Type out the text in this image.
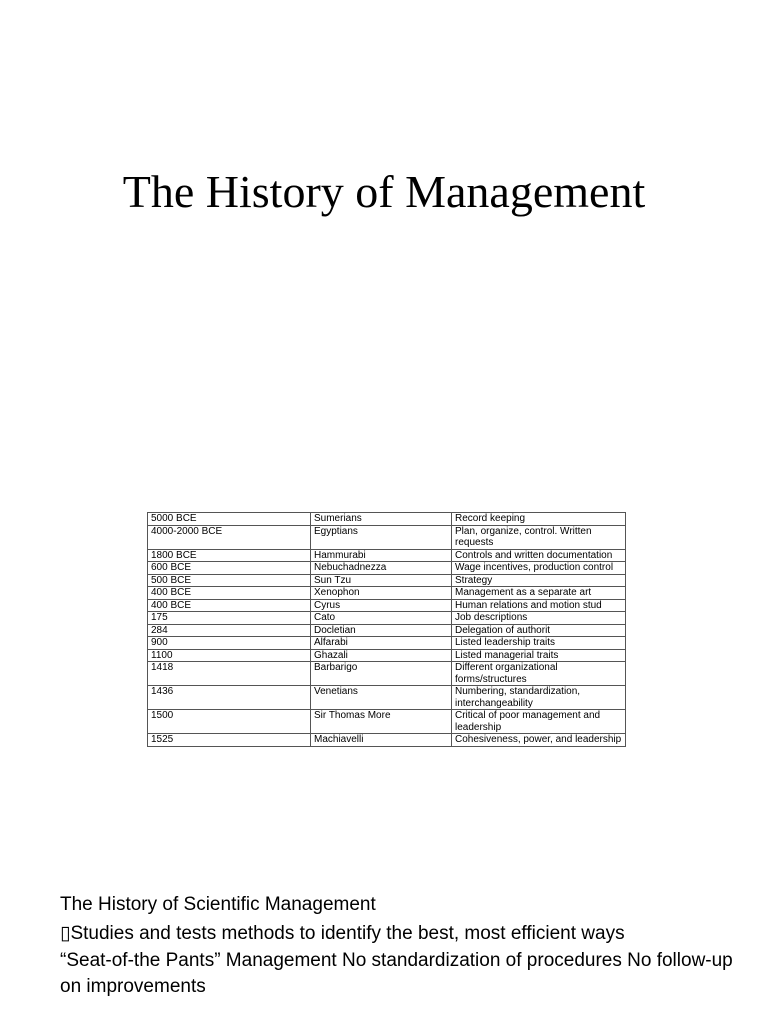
The History of Management
5000 BCE	Sumerians	Record keeping
4000-2000 BCE	Egyptians	Plan, organize, control. Written requests
1800 BCE	Hammurabi	Controls and written documentation
600 BCE	Nebuchadnezza	Wage incentives, production control
500 BCE	Sun Tzu	Strategy
400 BCE	Xenophon	Management as a separate art
400 BCE	Cyrus	Human relations and motion stud
175	Cato	Job descriptions
284	Docletian	Delegation of authorit
900	Alfarabi	Listed leadership traits
1100	Ghazali	Listed managerial traits
1418	Barbarigo	Different organizational forms/structures
1436	Venetians	Numbering, standardization, interchangeability
1500	Sir Thomas More	Critical of poor management and leadership
1525	Machiavelli	Cohesiveness, power, and leadership

The History of Scientific Management

▯Studies and tests methods to identify the best, most efficient ways

“Seat-of-the Pants” Management No standardization of procedures No follow-up on improvements
